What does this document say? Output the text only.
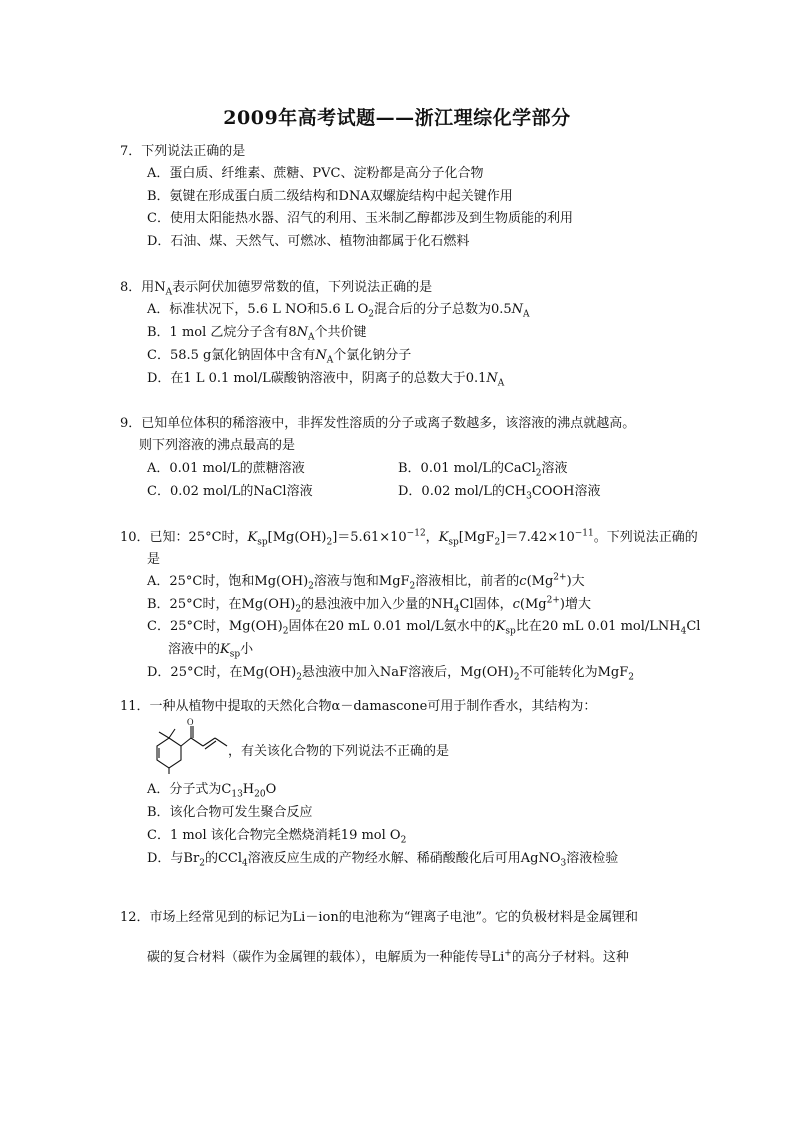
2009年高考试题——浙江理综化学部分
7．下列说法正确的是
A．蛋白质、纤维素、蔗糖、PVC、淀粉都是高分子化合物
B．氨键在形成蛋白质二级结构和DNA双螺旋结构中起关键作用
C．使用太阳能热水器、沼气的利用、玉米制乙醇都涉及到生物质能的利用
D．石油、煤、天然气、可燃冰、植物油都属于化石燃料
8．用$N_A$表示阿伏加德罗常数的值，下列说法正确的是
A．标准状况下，5.6 L NO和5.6 L $O_2$混合后的分子总数为$0.5N_A$
B．1 mol 乙烷分子含有$8N_A$个共价键
C．58.5 g氯化钠固体中含有$N_A$个氯化钠分子
D．在1 L 0.1 mol/L碳酸钠溶液中，阴离子的总数大于$0.1N_A$
9．已知单位体积的稀溶液中，非挥发性溶质的分子或离子数越多，该溶液的沸点就越高。
则下列溶液的沸点最高的是
A．0.01 mol/L的蔗糖溶液	B．0.01 mol/L的CaCl$_2$溶液
C．0.02 mol/L的NaCl溶液	D．0.02 mol/L的$CH_3COOH$溶液
10．已知：25°C时，$K_{sp}[Mg(OH)_2]=5.61\times 10^{-12}$，$K_{sp}[MgF_2]=7.42\times 10^{-11}$。下列说法正确的
是
A．25°C时，饱和$Mg(OH)_2$溶液与饱和MgF$_2$溶液相比，前者的$c(Mg^{2+})$大
B．25°C时，在$Mg(OH)_2$的悬浊液中加入少量的$NH_4Cl$固体，$c(Mg^{2+})$增大
C．25°C时，$Mg(OH)_2$固体在20 mL 0.01 mol/L氨水中的$K_{sp}$比在20 mL 0.01 mol/$LNH_4Cl$
溶液中的$K_{sp}$小
D．25°C时，在$Mg(OH)_2$悬浊液中加入NaF溶液后，$Mg(OH)_2$不可能转化为MgF$_2$
11．一种从植物中提取的天然化合物α－damascone可用于制作香水，其结构为：
O
，有关该化合物的下列说法不正确的是
A．分子式为$C_{13}H_{20}O$
B．该化合物可发生聚合反应
C．1 mol 该化合物完全燃烧消耗19 mol $O_2$
D．与$Br_2$的CCl$_4$溶液反应生成的产物经水解、稀硝酸酸化后可用AgNO$_3$溶液检验
12．市场上经常见到的标记为Li－ion的电池称为“锂离子电池”。它的负极材料是金属锂和
碳的复合材料（碳作为金属锂的载体），电解质为一种能传导Li+的高分子材料。这种
